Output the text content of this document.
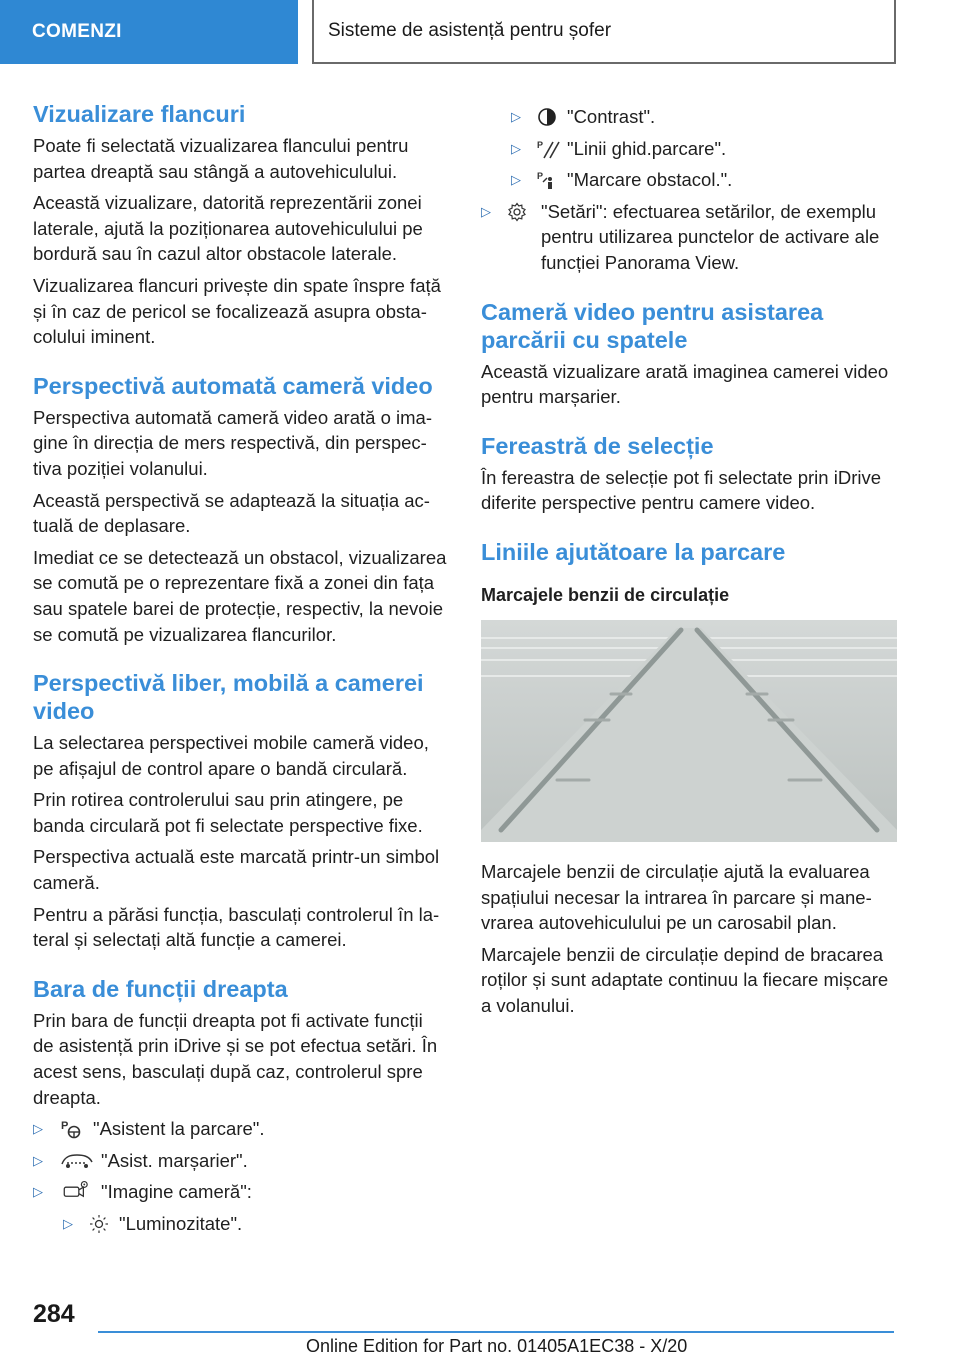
COMENZI	Sisteme de asistență pentru șofer
Vizualizare flancuri

Poate fi selectată vizualizarea flancului pentru partea dreaptă sau stângă a autovehiculului.

Această vizualizare, datorită reprezentării zonei laterale, ajută la poziționarea autovehiculului pe bordură sau în cazul altor obstacole laterale.

Vizualizarea flancuri privește din spate înspre față și în caz de pericol se focalizează asupra obstacolului iminent.

Perspectivă automată cameră video

Perspectiva automată cameră video arată o imagine în direcția de mers respectivă, din perspectiva poziției volanului.

Această perspectivă se adaptează la situația actuală de deplasare.

Imediat ce se detectează un obstacol, vizualizarea se comută pe o reprezentare fixă a zonei din fața sau spatele barei de protecție, respectiv, la nevoie se comută pe vizualizarea flancurilor.

Perspectivă liber, mobilă a camerei video

La selectarea perspectivei mobile cameră video, pe afișajul de control apare o bandă circulară.

Prin rotirea controlerului sau prin atingere, pe banda circulară pot fi selectate perspective fixe.

Perspectiva actuală este marcată printr-un simbol cameră.

Pentru a părăsi funcția, basculați controlerul în lateral și selectați altă funcție a camerei.

Bara de funcții dreapta

Prin bara de funcții dreapta pot fi activate funcții de asistență prin iDrive și se pot efectua setări. În acest sens, basculați după caz, controlerul spre dreapta.

▷ P "Asistent la parcare".
▷	"Asist. marșarier".
▷	"Imagine cameră":
▷ "Luminozitate".
▷ "Contrast".
▷ P "Linii ghid.parcare".
▷ P "Marcare obstacol.".
▷	"Setări": efectuarea setărilor, de exemplu pentru utilizarea punctelor de activare ale funcției Panorama View.
Cameră video pentru asistarea parcării cu spatele

Această vizualizare arată imaginea camerei video pentru marșarier.

Fereastră de selecție

În fereastra de selecție pot fi selectate prin iDrive diferite perspective pentru camere video.

Liniile ajutătoare la parcare
Marcajele benzii de circulație

Marcajele benzii de circulație ajută la evaluarea spațiului necesar la intrarea în parcare și manevrarea autovehiculului pe un carosabil plan.

Marcajele benzii de circulație depind de bracarea roților și sunt adaptate continuu la fiecare mișcare a volanului.

284
Online Edition for Part no. 01405A1EC38 - X/20
